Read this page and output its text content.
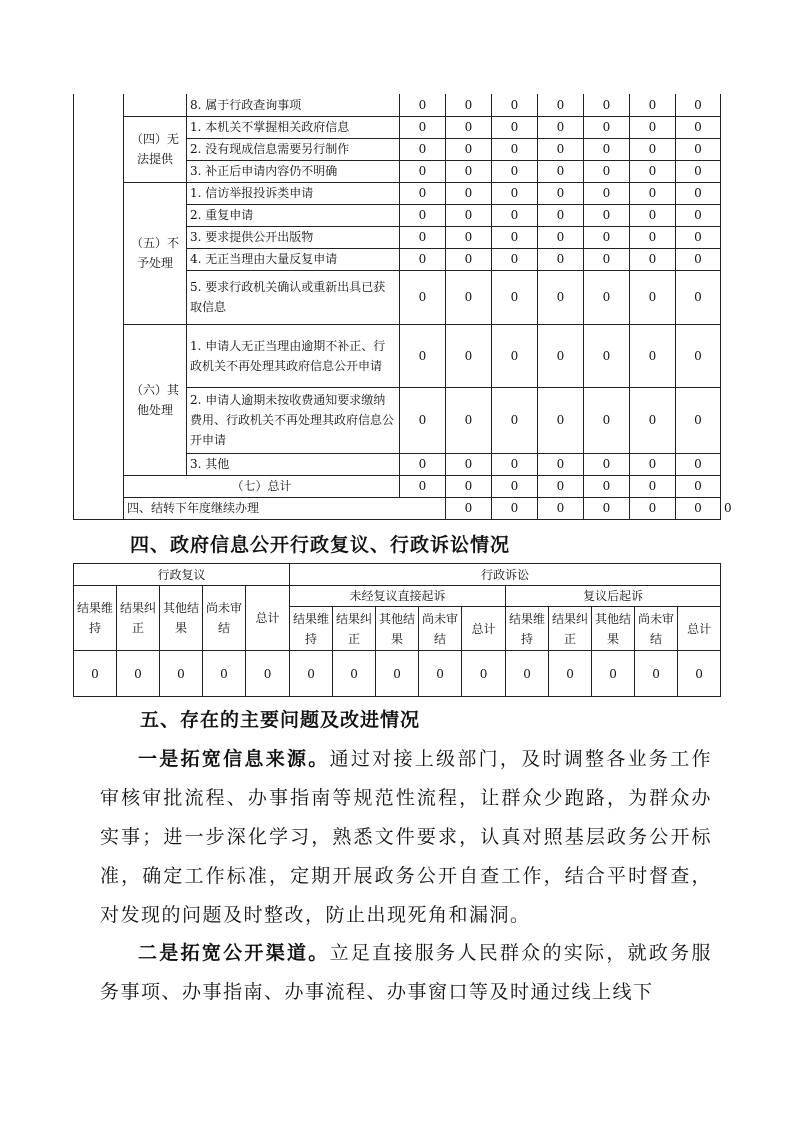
		8. 属于行政查询事项	0	0	0	0	0	0	0	
	（四）无法提供	1. 本机关不掌握相关政府信息	0	0	0	0	0	0	0	
		2. 没有现成信息需要另行制作	0	0	0	0	0	0	0	
		3. 补正后申请内容仍不明确	0	0	0	0	0	0	0	
	（五）不予处理	1. 信访举报投诉类申请	0	0	0	0	0	0	0	
		2. 重复申请	0	0	0	0	0	0	0	
		3. 要求提供公开出版物	0	0	0	0	0	0	0	
		4. 无正当理由大量反复申请	0	0	0	0	0	0	0	
		5. 要求行政机关确认或重新出具已获取信息	0	0	0	0	0	0	0	
	（六）其他处理	1. 申请人无正当理由逾期不补正、行政机关不再处理其政府信息公开申请	0	0	0	0	0	0	0	
		2. 申请人逾期未按收费通知要求缴纳费用、行政机关不再处理其政府信息公开申请	0	0	0	0	0	0	0	
		3. 其他	0	0	0	0	0	0	0	
	（七）总计		0	0	0	0	0	0	0	
	四、结转下年度继续办理			0	0	0	0	0	0	0
四、政府信息公开行政复议、行政诉讼情况
行政复议					行政诉讼									
结果维持	结果纠正	其他结果	尚未审结	总计	未经复议直接起诉					复议后起诉				
					结果维持	结果纠正	其他结果	尚未审结	总计	结果维持	结果纠正	其他结果	尚未审结	总计
0	0	0	0	0	0	0	0	0	0	0	0	0	0	0
五、存在的主要问题及改进情况

一是拓宽信息来源。通过对接上级部门，及时调整各业务工作审核审批流程、办事指南等规范性流程，让群众少跑路，为群众办实事；进一步深化学习，熟悉文件要求，认真对照基层政务公开标准，确定工作标准，定期开展政务公开自查工作，结合平时督查，对发现的问题及时整改，防止出现死角和漏洞。

二是拓宽公开渠道。立足直接服务人民群众的实际，就政务服务事项、办事指南、办事流程、办事窗口等及时通过线上线下
